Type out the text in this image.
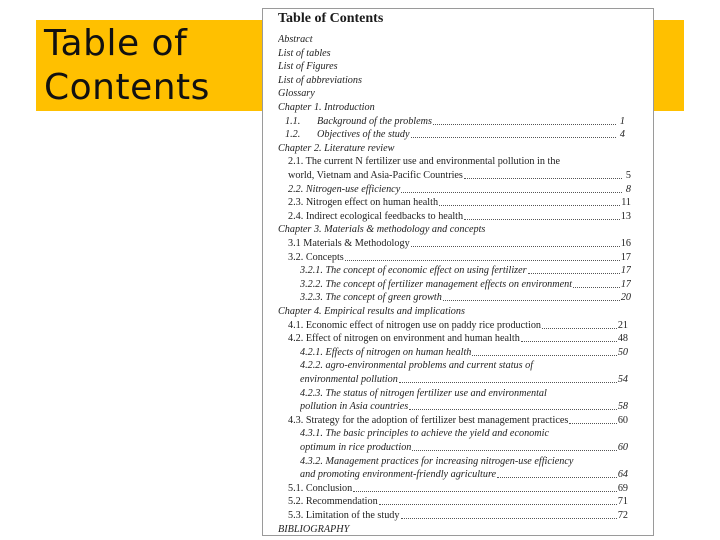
Table of Contents
Table of Contents
Abstract
List of tables
List of Figures
List of abbreviations
Glossary
Chapter 1. Introduction
1.1.	Background of the problems	1
1.2.	Objectives of the study	4
Chapter 2. Literature review
2.1. The current N fertilizer use and environmental pollution in the
world, Vietnam and Asia-Pacific Countries	5
2.2. Nitrogen-use efficiency	8
2.3. Nitrogen effect on human health	11
2.4. Indirect ecological feedbacks to health	13
Chapter 3. Materials & methodology and concepts
3.1 Materials & Methodology	16
3.2. Concepts	17
3.2.1. The concept of economic effect on using fertilizer	17
3.2.2. The concept of fertilizer management effects on environment	17
3.2.3. The concept of green growth	20
Chapter 4. Empirical results and implications
4.1. Economic effect of nitrogen use on paddy rice production	21
4.2. Effect of nitrogen on environment and human health	48
4.2.1. Effects of nitrogen on human health	50
4.2.2. agro-environmental problems and current status of
environmental pollution	54
4.2.3. The status of nitrogen fertilizer use and environmental
pollution in Asia countries	58
4.3. Strategy for the adoption of fertilizer best management practices	60
4.3.1. The basic principles to achieve the yield and economic
optimum in rice production	60
4.3.2. Management practices for increasing nitrogen-use efficiency
and promoting environment-friendly agriculture	64
5.1. Conclusion	69
5.2. Recommendation	71
5.3. Limitation of the study	72
BIBLIOGRAPHY
